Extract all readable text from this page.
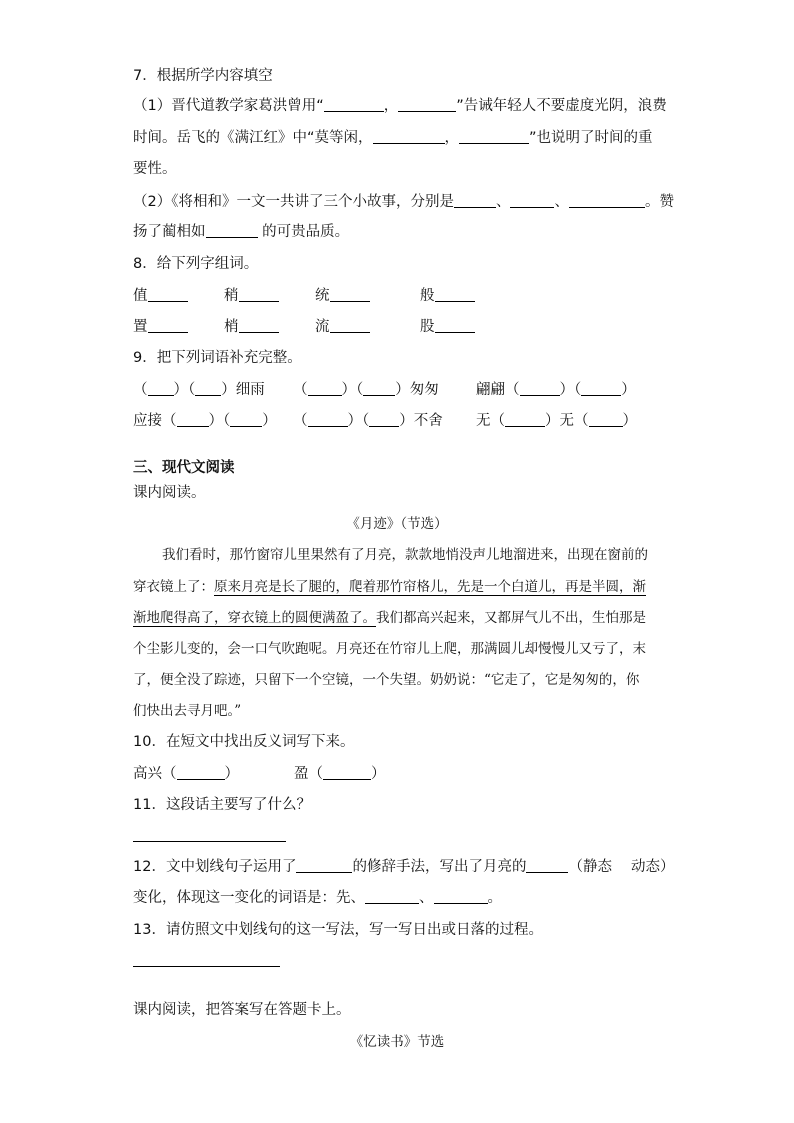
7．根据所学内容填空
（1）晋代道教学家葛洪曾用“	，	”告诫年轻人不要虚度光阴，浪费
时间。岳飞的《满江红》中“莫等闲，	，	”也说明了时间的重
要性。
（2）《将相和》一文一共讲了三个小故事，分别是	、	、	。赞
扬了蔺相如	的可贵品质。
8．给下列字组词。
值	稍	统	般
置	梢	流	股
9．把下列词语补充完整。
（ ）（ ）细雨 （ ）（ ）匆匆	翩翩（	）（	）
应接（ ）（ ） （	）（ ）不舍 无（	）无（ ）
三、现代文阅读
课内阅读。
《月迹》（节选）
我们看时，那竹窗帘儿里果然有了月亮，款款地悄没声儿地溜进来，出现在窗前的
穿衣镜上了：原来月亮是长了腿的，爬着那竹帘格儿，先是一个白道儿，再是半圆，渐
渐地爬得高了，穿衣镜上的圆便满盈了。我们都高兴起来，又都屏气儿不出，生怕那是
个尘影儿变的，会一口气吹跑呢。月亮还在竹帘儿上爬，那满圆儿却慢慢儿又亏了，末
了，便全没了踪迹，只留下一个空镜，一个失望。奶奶说：“它走了，它是匆匆的，你
们快出去寻月吧。”
10．在短文中找出反义词写下来。
高兴（	）	盈（	）
11．这段话主要写了什么？
12．文中划线句子运用了	的修辞手法，写出了月亮的	（静态　 动态）
变化，体现这一变化的词语是：先、	、	。
13．请仿照文中划线句的这一写法，写一写日出或日落的过程。
课内阅读，把答案写在答题卡上。
《忆读书》节选
